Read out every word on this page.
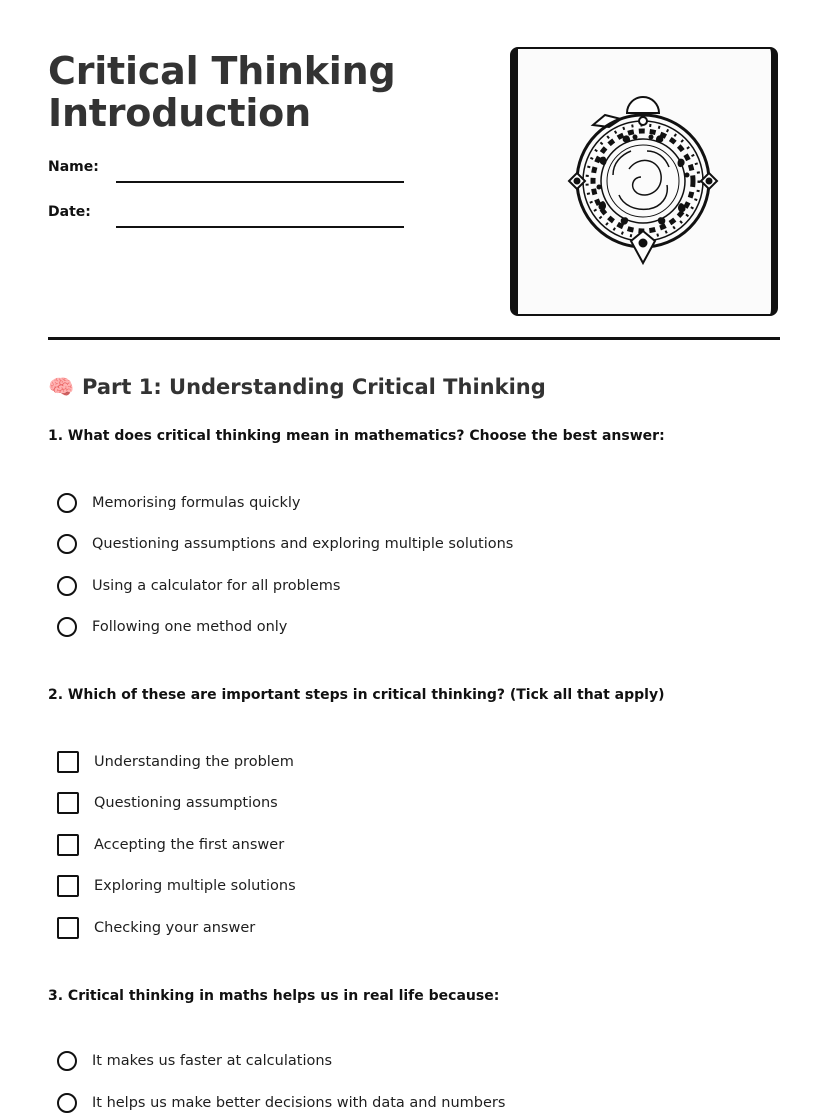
Critical Thinking
Introduction
Name:
Date:
🧠 Part 1: Understanding Critical Thinking
1. What does critical thinking mean in mathematics? Choose the best answer:
Memorising formulas quickly
Questioning assumptions and exploring multiple solutions
Using a calculator for all problems
Following one method only
2. Which of these are important steps in critical thinking? (Tick all that apply)
Understanding the problem
Questioning assumptions
Accepting the first answer
Exploring multiple solutions
Checking your answer
3. Critical thinking in maths helps us in real life because:
It makes us faster at calculations
It helps us make better decisions with data and numbers
